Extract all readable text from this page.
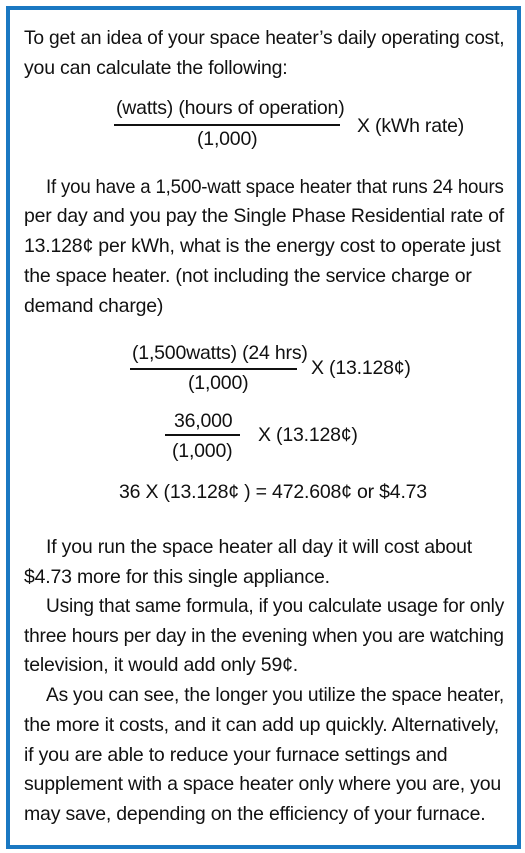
To get an idea of your space heater’s daily operating cost,
you can calculate the following:
(watts) (hours of operation)
(1,000)
X (kWh rate)
If you have a 1,500-watt space heater that runs 24 hours
per day and you pay the Single Phase Residential rate of
13.128¢ per kWh, what is the energy cost to operate just
the space heater. (not including the service charge or
demand charge)
(1,500watts) (24 hrs)
(1,000)
X (13.128¢)
36,000
(1,000)
X (13.128¢)
36 X (13.128¢ ) = 472.608¢ or $4.73
If you run the space heater all day it will cost about
$4.73 more for this single appliance.
Using that same formula, if you calculate usage for only
three hours per day in the evening when you are watching
television, it would add only 59¢.
As you can see, the longer you utilize the space heater,
the more it costs, and it can add up quickly. Alternatively,
if you are able to reduce your furnace settings and
supplement with a space heater only where you are, you
may save, depending on the efficiency of your furnace.
